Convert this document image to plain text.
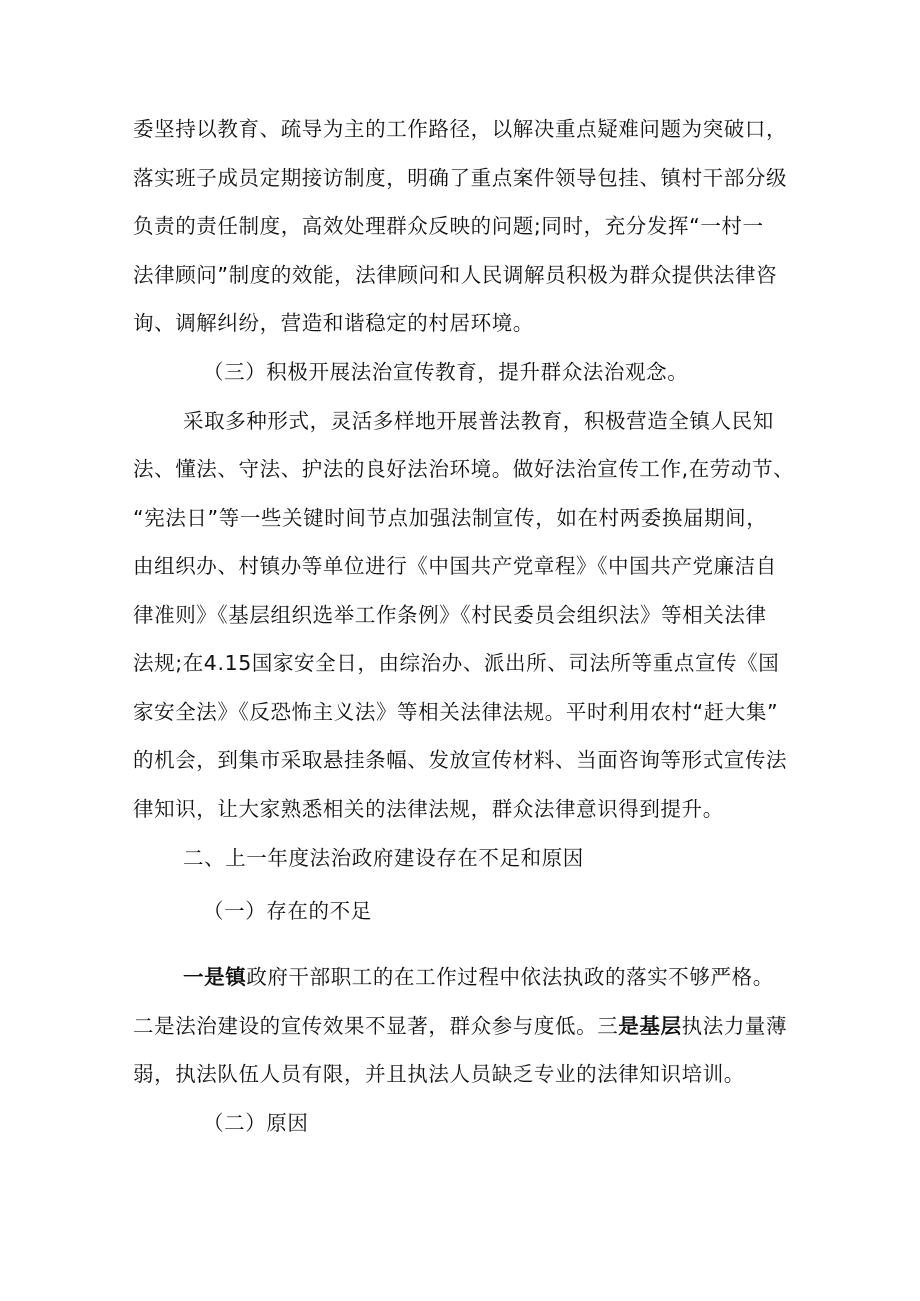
委坚持以教育、疏导为主的工作路径，以解决重点疑难问题为突破口，
落实班子成员定期接访制度，明确了重点案件领导包挂、镇村干部分级
负责的责任制度，高效处理群众反映的问题;同时，充分发挥“一村一
法律顾问”制度的效能，法律顾问和人民调解员积极为群众提供法律咨
询、调解纠纷，营造和谐稳定的村居环境。
（三）积极开展法治宣传教育，提升群众法治观念。
采取多种形式，灵活多样地开展普法教育，积极营造全镇人民知
法、懂法、守法、护法的良好法治环境。做好法治宣传工作,在劳动节、
“宪法日”等一些关键时间节点加强法制宣传，如在村两委换届期间，
由组织办、村镇办等单位进行《中国共产党章程》《中国共产党廉洁自
律准则》《基层组织选举工作条例》《村民委员会组织法》等相关法律
法规;在4.15国家安全日，由综治办、派出所、司法所等重点宣传《国
家安全法》《反恐怖主义法》等相关法律法规。平时利用农村“赶大集”
的机会，到集市采取悬挂条幅、发放宣传材料、当面咨询等形式宣传法
律知识，让大家熟悉相关的法律法规，群众法律意识得到提升。
二、上一年度法治政府建设存在不足和原因
（一）存在的不足
一是镇政府干部职工的在工作过程中依法执政的落实不够严格。
二是法治建设的宣传效果不显著，群众参与度低。三是基层执法力量薄
弱，执法队伍人员有限，并且执法人员缺乏专业的法律知识培训。
（二）原因
